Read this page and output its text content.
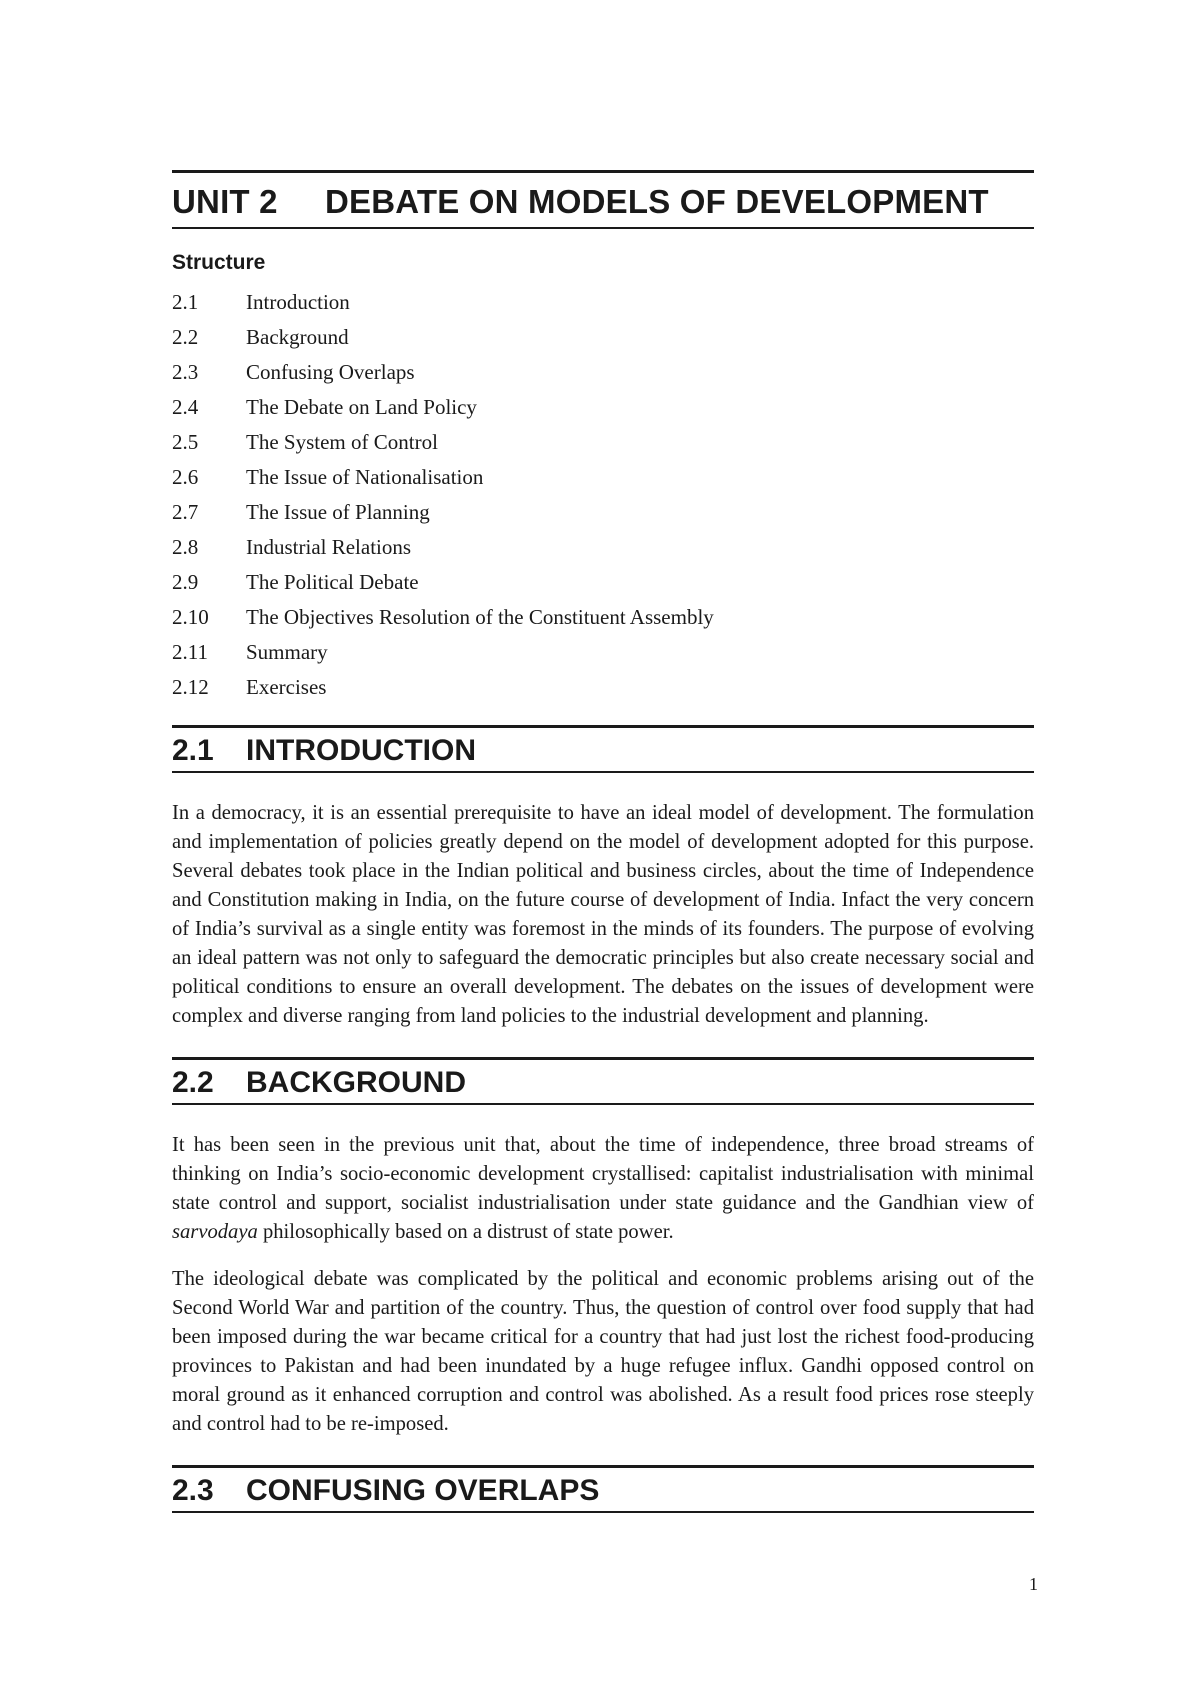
UNIT 2	DEBATE ON MODELS OF DEVELOPMENT
Structure
2.1	Introduction
2.2	Background
2.3	Confusing Overlaps
2.4	The Debate on Land Policy
2.5	The System of Control
2.6	The Issue of Nationalisation
2.7	The Issue of Planning
2.8	Industrial Relations
2.9	The Political Debate
2.10	The Objectives Resolution of the Constituent Assembly
2.11	Summary
2.12	Exercises
2.1	INTRODUCTION

In a democracy, it is an essential prerequisite to have an ideal model of development. The formulation and implementation of policies greatly depend on the model of development adopted for this purpose. Several debates took place in the Indian political and business circles, about the time of Independence and Constitution making in India, on the future course of development of India. Infact the very concern of India’s survival as a single entity was foremost in the minds of its founders. The purpose of evolving an ideal pattern was not only to safeguard the democratic principles but also create necessary social and political conditions to ensure an overall development. The debates on the issues of development were complex and diverse ranging from land policies to the industrial development and planning.

2.2	BACKGROUND

It has been seen in the previous unit that, about the time of independence, three broad streams of thinking on India’s socio-economic development crystallised: capitalist industrialisation with minimal state control and support, socialist industrialisation under state guidance and the Gandhian view of sarvodaya philosophically based on a distrust of state power.

The ideological debate was complicated by the political and economic problems arising out of the Second World War and partition of the country. Thus, the question of control over food supply that had been imposed during the war became critical for a country that had just lost the richest food-producing provinces to Pakistan and had been inundated by a huge refugee influx. Gandhi opposed control on moral ground as it enhanced corruption and control was abolished. As a result food prices rose steeply and control had to be re-imposed.

2.3	CONFUSING OVERLAPS
1
